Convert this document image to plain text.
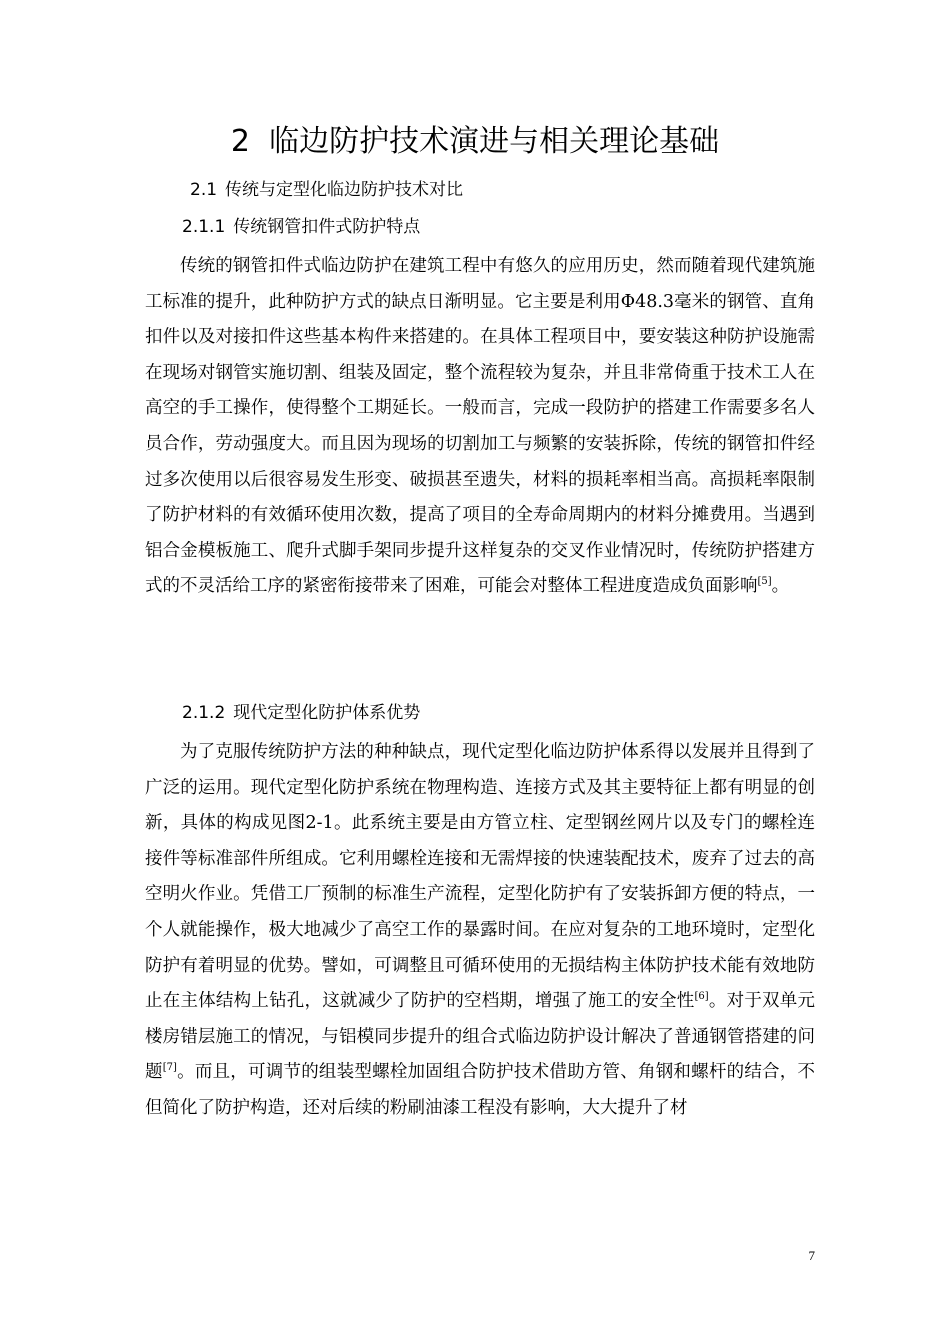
2 临边防护技术演进与相关理论基础
2.1 传统与定型化临边防护技术对比
2.1.1 传统钢管扣件式防护特点

传统的钢管扣件式临边防护在建筑工程中有悠久的应用历史，然而随着现代建筑施工标准的提升，此种防护方式的缺点日渐明显。它主要是利用Φ48.3毫米的钢管、直角扣件以及对接扣件这些基本构件来搭建的。在具体工程项目中，要安装这种防护设施需在现场对钢管实施切割、组装及固定，整个流程较为复杂，并且非常倚重于技术工人在高空的手工操作，使得整个工期延长。一般而言，完成一段防护的搭建工作需要多名人员合作，劳动强度大。而且因为现场的切割加工与频繁的安装拆除，传统的钢管扣件经过多次使用以后很容易发生形变、破损甚至遗失，材料的损耗率相当高。高损耗率限制了防护材料的有效循环使用次数，提高了项目的全寿命周期内的材料分摊费用。当遇到铝合金模板施工、爬升式脚手架同步提升这样复杂的交叉作业情况时，传统防护搭建方式的不灵活给工序的紧密衔接带来了困难，可能会对整体工程进度造成负面影响[5]。

2.1.2 现代定型化防护体系优势

为了克服传统防护方法的种种缺点，现代定型化临边防护体系得以发展并且得到了广泛的运用。现代定型化防护系统在物理构造、连接方式及其主要特征上都有明显的创新，具体的构成见图2-1。此系统主要是由方管立柱、定型钢丝网片以及专门的螺栓连接件等标准部件所组成。它利用螺栓连接和无需焊接的快速装配技术，废弃了过去的高空明火作业。凭借工厂预制的标准生产流程，定型化防护有了安装拆卸方便的特点，一个人就能操作，极大地减少了高空工作的暴露时间。在应对复杂的工地环境时，定型化防护有着明显的优势。譬如，可调整且可循环使用的无损结构主体防护技术能有效地防止在主体结构上钻孔，这就减少了防护的空档期，增强了施工的安全性[6]。对于双单元楼房错层施工的情况，与铝模同步提升的组合式临边防护设计解决了普通钢管搭建的问题[7]。而且，可调节的组装型螺栓加固组合防护技术借助方管、角钢和螺杆的结合，不但简化了防护构造，还对后续的粉刷油漆工程没有影响，大大提升了材

7
